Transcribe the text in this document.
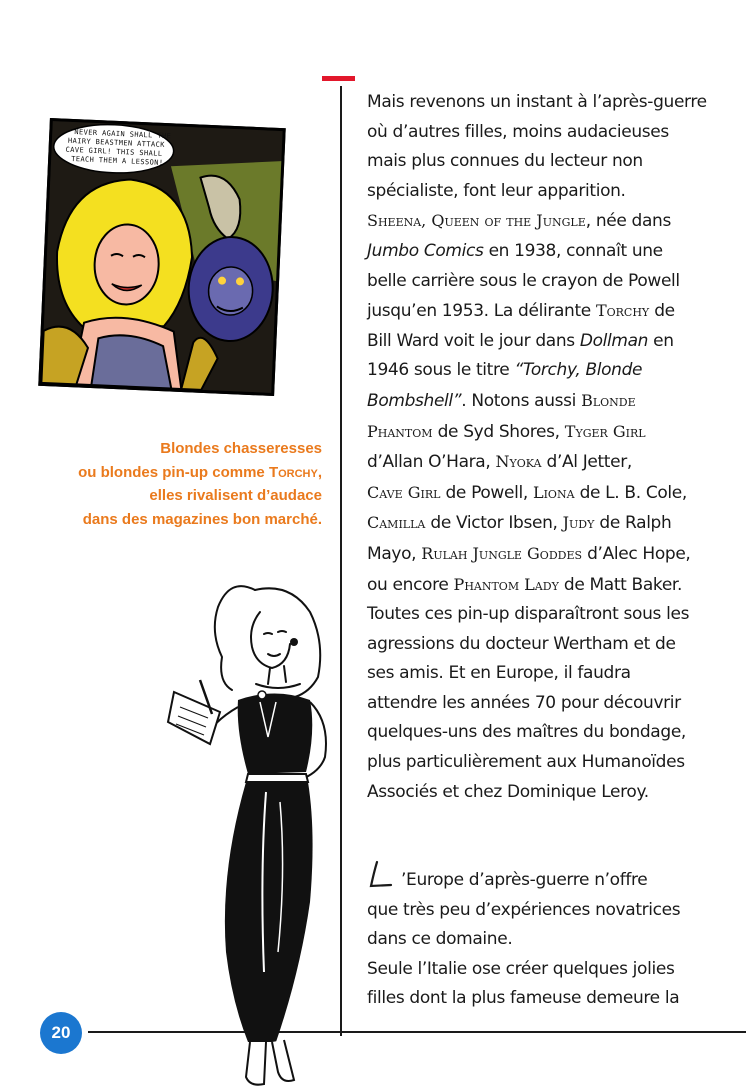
NEVER AGAIN SHALL THE
HAIRY BEASTMEN ATTACK
CAVE GIRL! THIS SHALL
TEACH THEM A LESSON!
Blondes chasseresses
ou blondes pin-up comme Torchy,
elles rivalisent d’audace
dans des magazines bon marché.
Mais revenons un instant à l’après-guerre
où d’autres filles, moins audacieuses
mais plus connues du lecteur non
spécialiste, font leur apparition.
Sheena, Queen of the Jungle, née dans
Jumbo Comics en 1938, connaît une
belle carrière sous le crayon de Powell
jusqu’en 1953. La délirante Torchy de
Bill Ward voit le jour dans Dollman en
1946 sous le titre “Torchy, Blonde
Bombshell”. Notons aussi Blonde
Phantom de Syd Shores, Tyger Girl
d’Allan O’Hara, Nyoka d’Al Jetter,
Cave Girl de Powell, Liona de L. B. Cole,
Camilla de Victor Ibsen, Judy de Ralph
Mayo, Rulah Jungle Goddes d’Alec Hope,
ou encore Phantom Lady de Matt Baker.
Toutes ces pin-up disparaîtront sous les
agressions du docteur Wertham et de
ses amis. Et en Europe, il faudra
attendre les années 70 pour découvrir
quelques-uns des maîtres du bondage,
plus particulièrement aux Humanoïdes
Associés et chez Dominique Leroy.
’Europe d’après-guerre n’offre
que très peu d’expériences novatrices
dans ce domaine.
Seule l’Italie ose créer quelques jolies
filles dont la plus fameuse demeure la
20
